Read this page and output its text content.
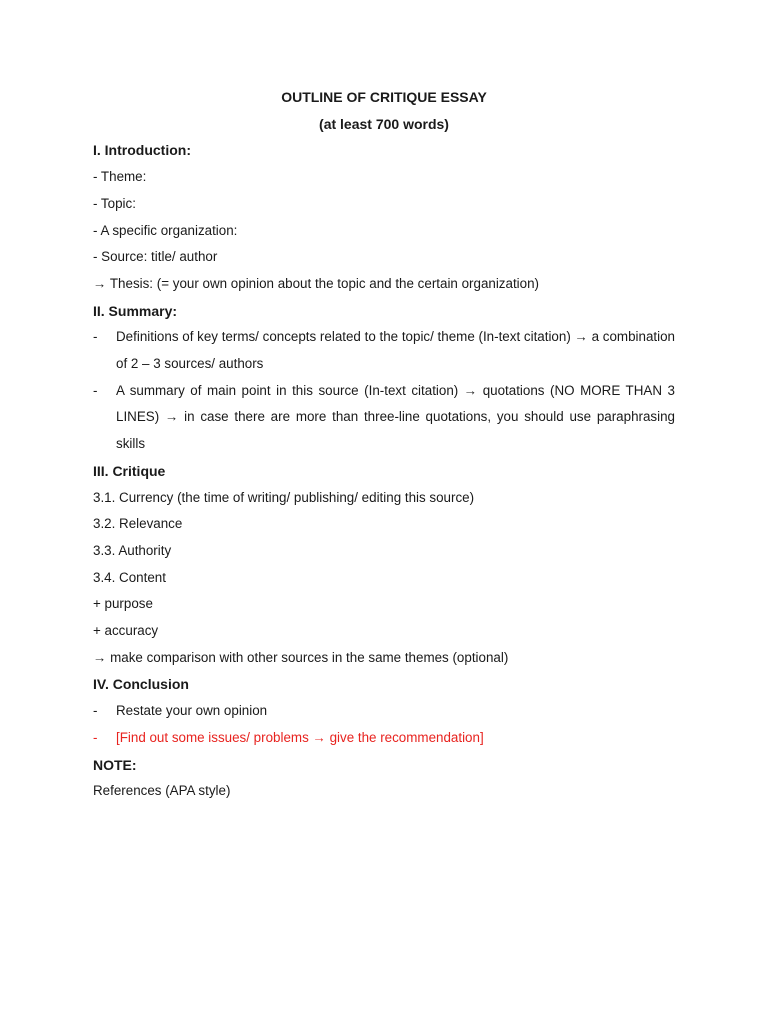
OUTLINE OF CRITIQUE ESSAY

(at least 700 words)

I. Introduction:

- Theme:

- Topic:

- A specific organization:

- Source: title/ author

→ Thesis: (= your own opinion about the topic and the certain organization)

II. Summary:

-	Definitions of key terms/ concepts related to the topic/ theme (In-text citation) → a combination of 2 – 3 sources/ authors
-	A summary of main point in this source (In-text citation) → quotations (NO MORE THAN 3 LINES) → in case there are more than three-line quotations, you should use paraphrasing skills

III. Critique

3.1. Currency (the time of writing/ publishing/ editing this source)

3.2. Relevance

3.3. Authority

3.4. Content

+ purpose

+ accuracy

→ make comparison with other sources in the same themes (optional)

IV. Conclusion

-	Restate your own opinion
-	[Find out some issues/ problems → give the recommendation]

NOTE:

References (APA style)
